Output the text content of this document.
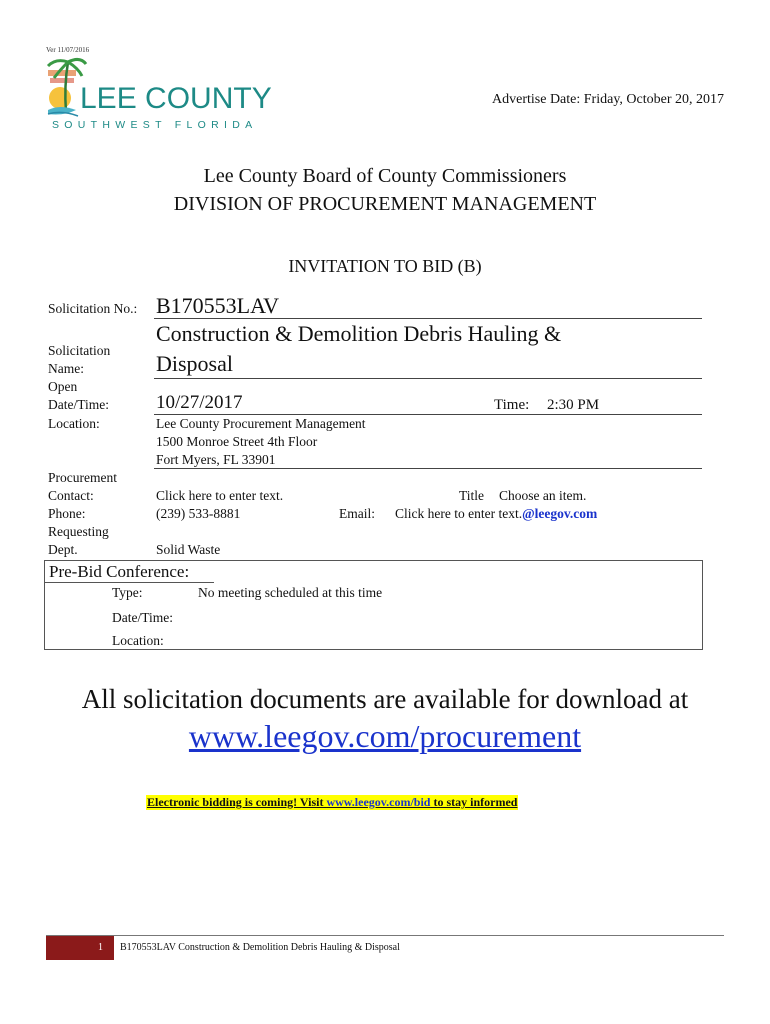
Ver 11/07/2016
LEE COUNTY
SOUTHWEST FLORIDA
Advertise Date: Friday, October 20, 2017
Lee County Board of County Commissioners
DIVISION OF PROCUREMENT MANAGEMENT
INVITATION TO BID (B)
Solicitation No.: B170553LAV
Solicitation
Name:
Construction & Demolition Debris Hauling &
Disposal
Open
Date/Time: 10/27/2017	Time: 2:30 PM
Location:	Lee County Procurement Management
1500 Monroe Street 4th Floor
Fort Myers, FL 33901
Procurement
Contact:	Click here to enter text.	Title Choose an item.
Phone:	(239) 533-8881	Email: Click here to enter text.@leegov.com
Requesting
Dept.	Solid Waste
Pre-Bid Conference:
Type:	No meeting scheduled at this time
Date/Time:
Location:
All solicitation documents are available for download at
www.leegov.com/procurement
Electronic bidding is coming! Visit www.leegov.com/bid to stay informed
1 B170553LAV Construction & Demolition Debris Hauling & Disposal
